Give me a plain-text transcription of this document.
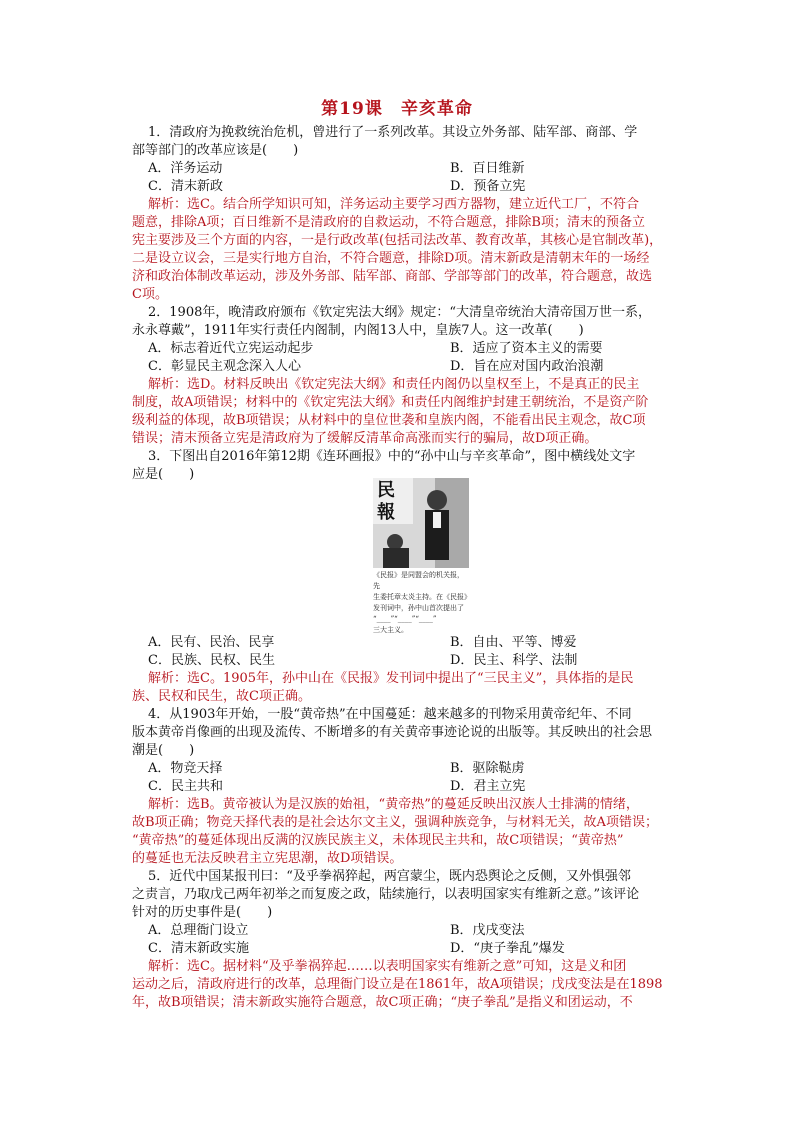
第19课　辛亥革命
1．清政府为挽救统治危机，曾进行了一系列改革。其设立外务部、陆军部、商部、学
部等部门的改革应该是(　　)
A．洋务运动	B．百日维新
C．清末新政	D．预备立宪
解析：选C。结合所学知识可知，洋务运动主要学习西方器物，建立近代工厂，不符合
题意，排除A项；百日维新不是清政府的自救运动，不符合题意，排除B项；清末的预备立
宪主要涉及三个方面的内容，一是行政改革(包括司法改革、教育改革，其核心是官制改革)，
二是设立议会，三是实行地方自治，不符合题意，排除D项。清末新政是清朝末年的一场经
济和政治体制改革运动，涉及外务部、陆军部、商部、学部等部门的改革，符合题意，故选
C项。
2．1908年，晚清政府颁布《钦定宪法大纲》规定：“大清皇帝统治大清帝国万世一系，
永永尊戴”，1911年实行责任内阁制，内阁13人中，皇族7人。这一改革(　　)
A．标志着近代立宪运动起步	B．适应了资本主义的需要
C．彰显民主观念深入人心	D．旨在应对国内政治浪潮
解析：选D。材料反映出《钦定宪法大纲》和责任内阁仍以皇权至上，不是真正的民主
制度，故A项错误；材料中的《钦定宪法大纲》和责任内阁维护封建王朝统治，不是资产阶
级利益的体现，故B项错误；从材料中的皇位世袭和皇族内阁，不能看出民主观念，故C项
错误；清末预备立宪是清政府为了缓解反清革命高涨而实行的骗局，故D项正确。
3．下图出自2016年第12期《连环画报》中的“孙中山与辛亥革命”，图中横线处文字
应是(　　)
民報
《民报》是同盟会的机关报，先
生委托章太炎主持。在《民报》
发刊词中，孙中山首次提出了
“____”“____”“____”
三大主义。
A．民有、民治、民享	B．自由、平等、博爱
C．民族、民权、民生	D．民主、科学、法制
解析：选C。1905年，孙中山在《民报》发刊词中提出了“三民主义”，具体指的是民
族、民权和民生，故C项正确。
4．从1903年开始，一股“黄帝热”在中国蔓延：越来越多的刊物采用黄帝纪年、不同
版本黄帝肖像画的出现及流传、不断增多的有关黄帝事迹论说的出版等。其反映出的社会思
潮是(　　)
A．物竞天择	B．驱除鞑虏
C．民主共和	D．君主立宪
解析：选B。黄帝被认为是汉族的始祖，“黄帝热”的蔓延反映出汉族人士排满的情绪，
故B项正确；物竞天择代表的是社会达尔文主义，强调种族竞争，与材料无关，故A项错误；
“黄帝热”的蔓延体现出反满的汉族民族主义，未体现民主共和，故C项错误；“黄帝热”
的蔓延也无法反映君主立宪思潮，故D项错误。
5．近代中国某报刊曰：“及乎拳祸猝起，两宫蒙尘，既内恐舆论之反侧，又外惧强邻
之责言，乃取戊己两年初举之而复废之政，陆续施行，以表明国家实有维新之意。”该评论
针对的历史事件是(　　)
A．总理衙门设立	B．戊戌变法
C．清末新政实施	D．“庚子拳乱”爆发
解析：选C。据材料“及乎拳祸猝起……以表明国家实有维新之意”可知，这是义和团
运动之后，清政府进行的改革，总理衙门设立是在1861年，故A项错误；戊戌变法是在1898
年，故B项错误；清末新政实施符合题意，故C项正确；“庚子拳乱”是指义和团运动，不
